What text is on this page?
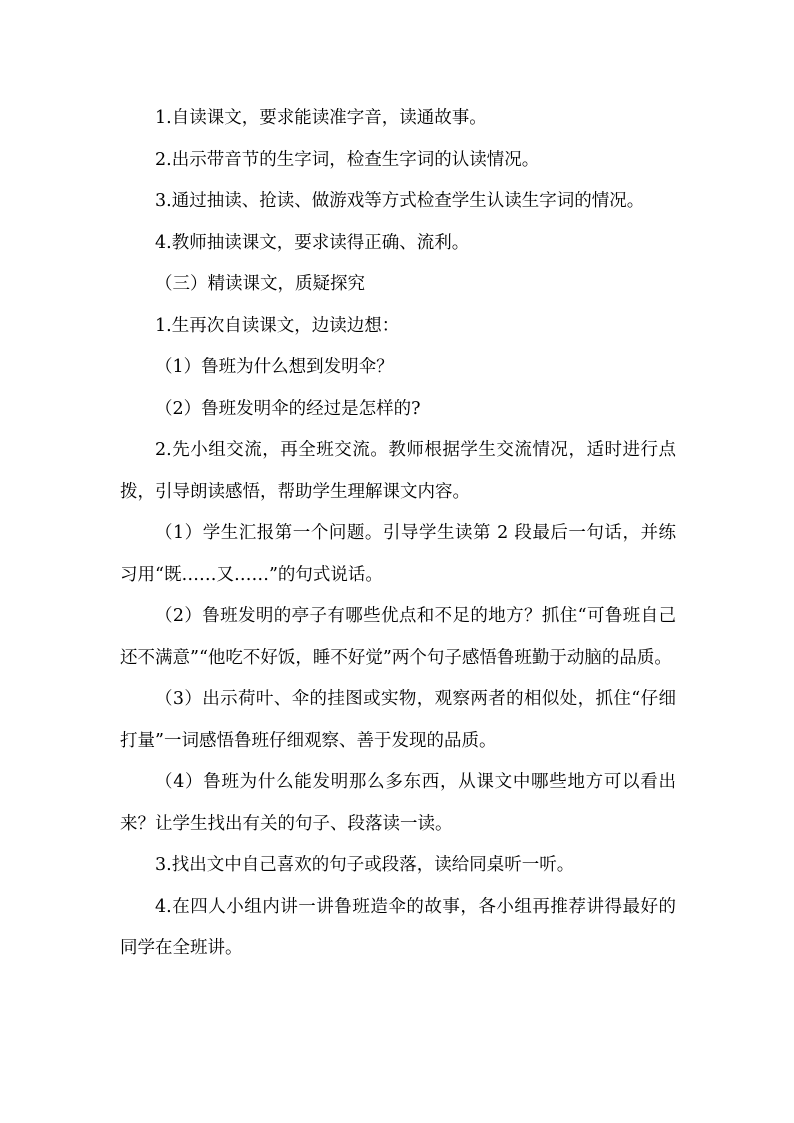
1.自读课文，要求能读准字音，读通故事。

2.出示带音节的生字词，检查生字词的认读情况。

3.通过抽读、抢读、做游戏等方式检查学生认读生字词的情况。

4.教师抽读课文，要求读得正确、流利。

（三）精读课文，质疑探究

1.生再次自读课文，边读边想：

（1）鲁班为什么想到发明伞？

（2）鲁班发明伞的经过是怎样的?

2.先小组交流，再全班交流。教师根据学生交流情况，适时进行点拨，引导朗读感悟，帮助学生理解课文内容。

（1）学生汇报第一个问题。引导学生读第 2 段最后一句话，并练习用“既……又……”的句式说话。

（2）鲁班发明的亭子有哪些优点和不足的地方？抓住“可鲁班自己还不满意”“他吃不好饭，睡不好觉”两个句子感悟鲁班勤于动脑的品质。

（3）出示荷叶、伞的挂图或实物，观察两者的相似处，抓住“仔细打量”一词感悟鲁班仔细观察、善于发现的品质。

（4）鲁班为什么能发明那么多东西，从课文中哪些地方可以看出来？让学生找出有关的句子、段落读一读。

3.找出文中自己喜欢的句子或段落，读给同桌听一听。

4.在四人小组内讲一讲鲁班造伞的故事，各小组再推荐讲得最好的同学在全班讲。
